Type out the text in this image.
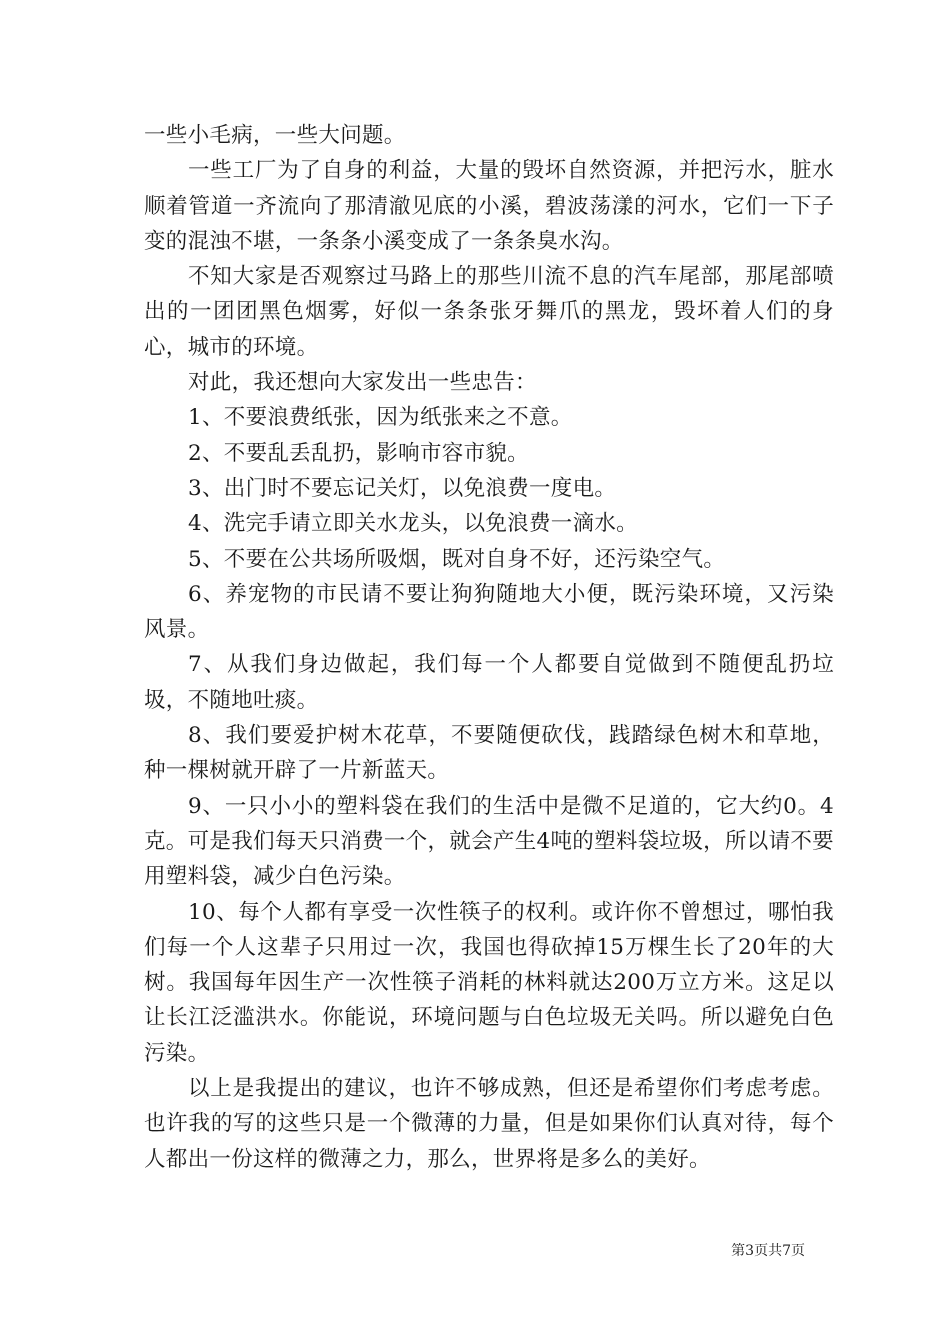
一些小毛病，一些大问题。

一些工厂为了自身的利益，大量的毁坏自然资源，并把污水，脏水顺着管道一齐流向了那清澈见底的小溪，碧波荡漾的河水，它们一下子变的混浊不堪，一条条小溪变成了一条条臭水沟。

不知大家是否观察过马路上的那些川流不息的汽车尾部，那尾部喷出的一团团黑色烟雾，好似一条条张牙舞爪的黑龙，毁坏着人们的身心，城市的环境。

对此，我还想向大家发出一些忠告：

1、不要浪费纸张，因为纸张来之不意。

2、不要乱丢乱扔，影响市容市貌。

3、出门时不要忘记关灯，以免浪费一度电。

4、洗完手请立即关水龙头，以免浪费一滴水。

5、不要在公共场所吸烟，既对自身不好，还污染空气。

6、养宠物的市民请不要让狗狗随地大小便，既污染环境，又污染风景。

7、从我们身边做起，我们每一个人都要自觉做到不随便乱扔垃圾，不随地吐痰。

8、我们要爱护树木花草，不要随便砍伐，践踏绿色树木和草地，种一棵树就开辟了一片新蓝天。

9、一只小小的塑料袋在我们的生活中是微不足道的，它大约0。4克。可是我们每天只消费一个，就会产生4吨的塑料袋垃圾，所以请不要用塑料袋，减少白色污染。

10、每个人都有享受一次性筷子的权利。或许你不曾想过，哪怕我们每一个人这辈子只用过一次，我国也得砍掉15万棵生长了20年的大树。我国每年因生产一次性筷子消耗的林料就达200万立方米。这足以让长江泛滥洪水。你能说，环境问题与白色垃圾无关吗。所以避免白色污染。

以上是我提出的建议，也许不够成熟，但还是希望你们考虑考虑。也许我的写的这些只是一个微薄的力量，但是如果你们认真对待，每个人都出一份这样的微薄之力，那么，世界将是多么的美好。

第3页共7页
